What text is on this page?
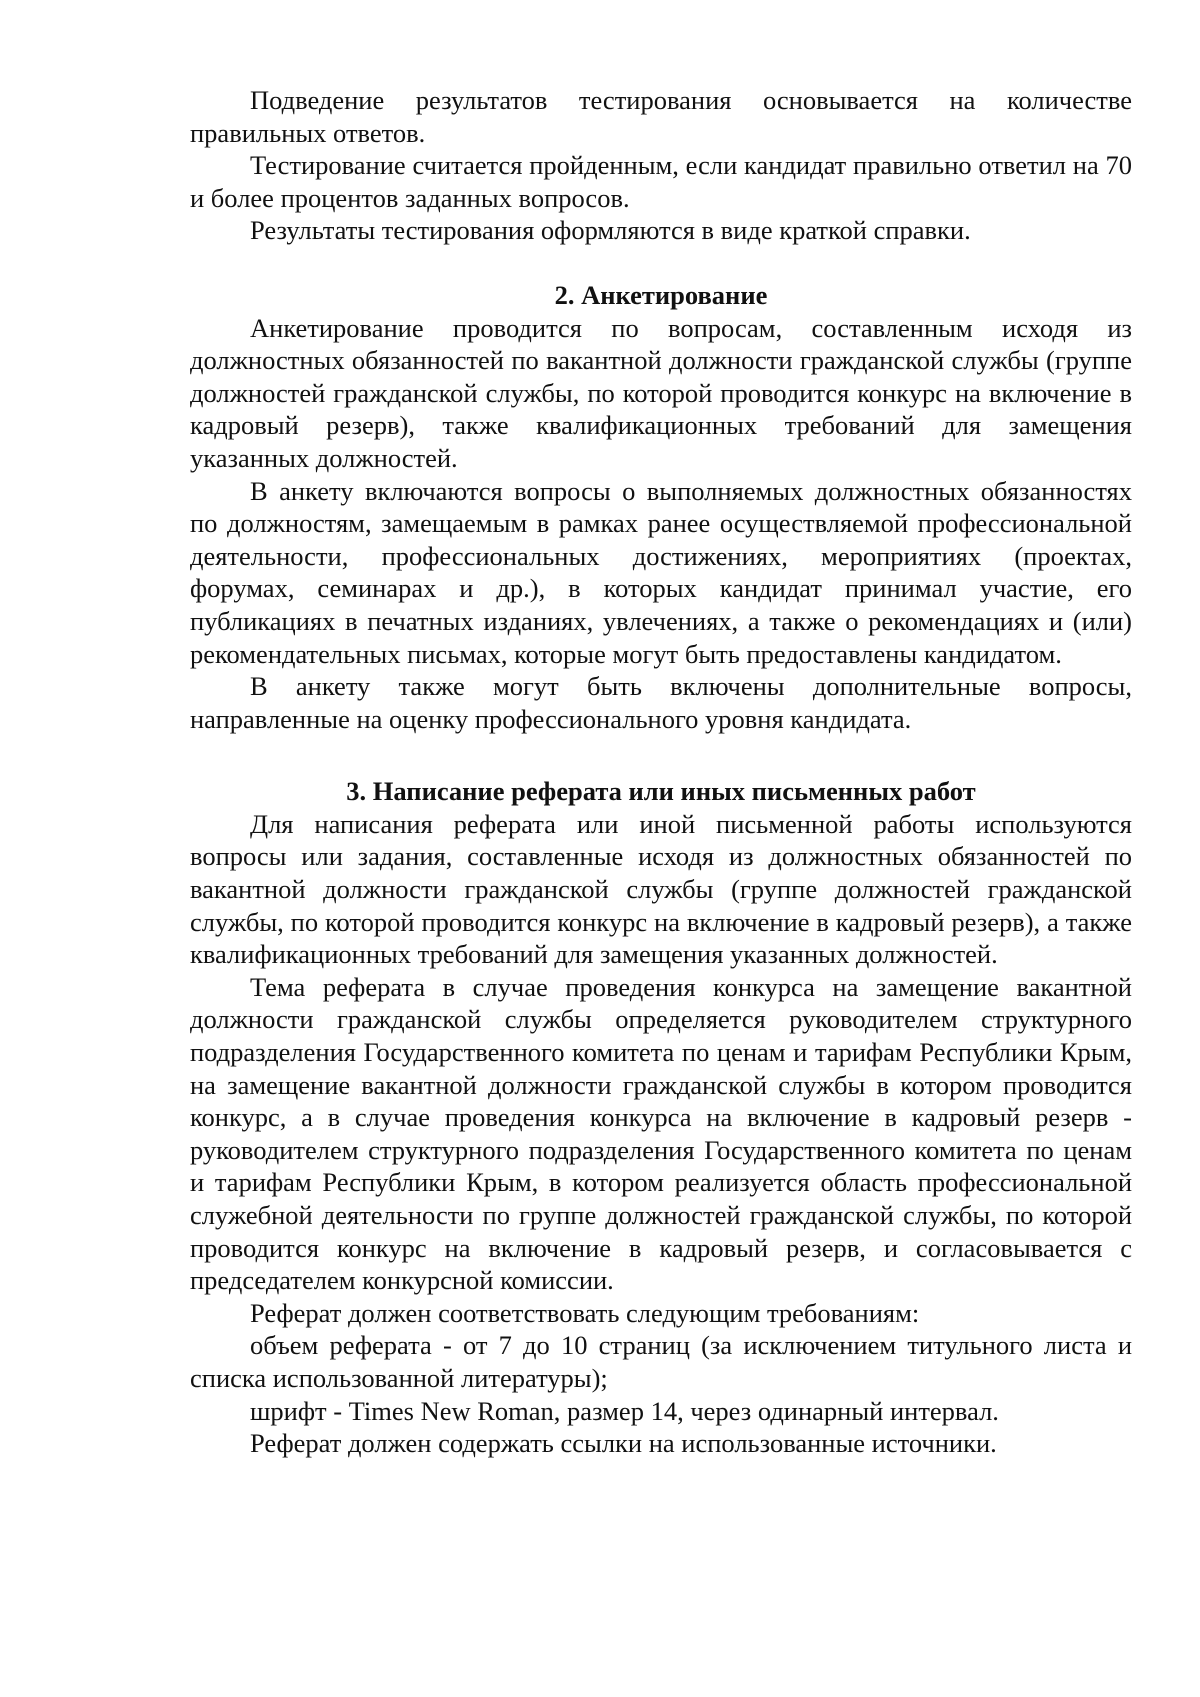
Подведение результатов тестирования основывается на количестве правильных ответов.

Тестирование считается пройденным, если кандидат правильно ответил на 70 и более процентов заданных вопросов.

Результаты тестирования оформляются в виде краткой справки.

2. Анкетирование

Анкетирование проводится по вопросам, составленным исходя из должностных обязанностей по вакантной должности гражданской службы (группе должностей гражданской службы, по которой проводится конкурс на включение в кадровый резерв), также квалификационных требований для замещения указанных должностей.

В анкету включаются вопросы о выполняемых должностных обязанностях по должностям, замещаемым в рамках ранее осуществляемой профессиональной деятельности, профессиональных достижениях, мероприятиях (проектах, форумах, семинарах и др.), в которых кандидат принимал участие, его публикациях в печатных изданиях, увлечениях, а также о рекомендациях и (или) рекомендательных письмах, которые могут быть предоставлены кандидатом.

В анкету также могут быть включены дополнительные вопросы, направленные на оценку профессионального уровня кандидата.

3. Написание реферата или иных письменных работ

Для написания реферата или иной письменной работы используются вопросы или задания, составленные исходя из должностных обязанностей по вакантной должности гражданской службы (группе должностей гражданской службы, по которой проводится конкурс на включение в кадровый резерв), а также квалификационных требований для замещения указанных должностей.

Тема реферата в случае проведения конкурса на замещение вакантной должности гражданской службы определяется руководителем структурного подразделения Государственного комитета по ценам и тарифам Республики Крым, на замещение вакантной должности гражданской службы в котором проводится конкурс, а в случае проведения конкурса на включение в кадровый резерв - руководителем структурного подразделения Государственного комитета по ценам и тарифам Республики Крым, в котором реализуется область профессиональной служебной деятельности по группе должностей гражданской службы, по которой проводится конкурс на включение в кадровый резерв, и согласовывается с председателем конкурсной комиссии.

Реферат должен соответствовать следующим требованиям:

объем реферата - от 7 до 10 страниц (за исключением титульного листа и списка использованной литературы);

шрифт - Times New Roman, размер 14, через одинарный интервал.

Реферат должен содержать ссылки на использованные источники.
